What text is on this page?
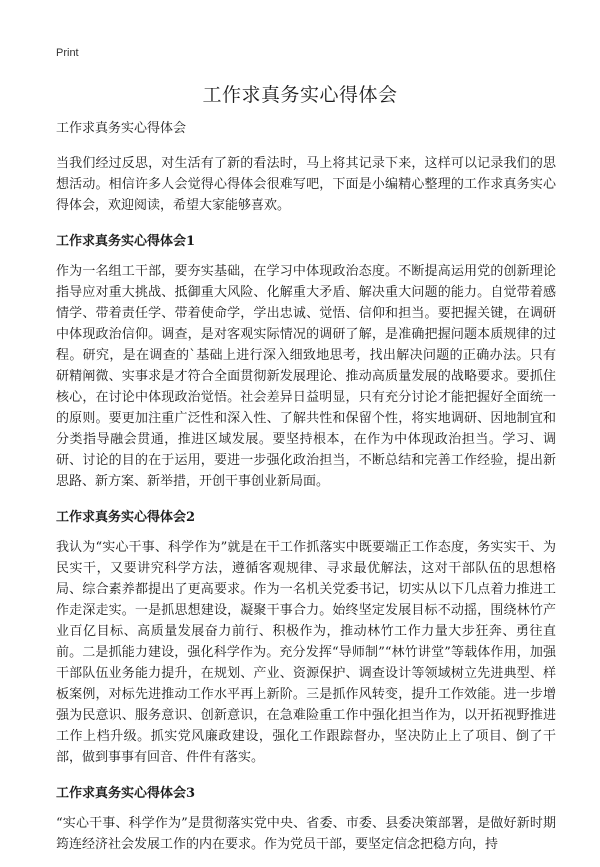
Print
工作求真务实心得体会
工作求真务实心得体会

当我们经过反思，对生活有了新的看法时，马上将其记录下来，这样可以记录我们的思想活动。相信许多人会觉得心得体会很难写吧，下面是小编精心整理的工作求真务实心得体会，欢迎阅读，希望大家能够喜欢。

工作求真务实心得体会1

作为一名组工干部，要夯实基础，在学习中体现政治态度。不断提高运用党的创新理论指导应对重大挑战、抵御重大风险、化解重大矛盾、解决重大问题的能力。自觉带着感情学、带着责任学、带着使命学，学出忠诚、觉悟、信仰和担当。要把握关键，在调研中体现政治信仰。调查，是对客观实际情况的调研了解，是准确把握问题本质规律的过程。研究，是在调查的`基础上进行深入细致地思考，找出解决问题的正确办法。只有研精阐微、实事求是才符合全面贯彻新发展理论、推动高质量发展的战略要求。要抓住核心，在讨论中体现政治觉悟。社会差异日益明显，只有充分讨论才能把握好全面统一的原则。要更加注重广泛性和深入性、了解共性和保留个性，将实地调研、因地制宜和分类指导融会贯通，推进区域发展。要坚持根本，在作为中体现政治担当。学习、调研、讨论的目的在于运用，要进一步强化政治担当，不断总结和完善工作经验，提出新思路、新方案、新举措，开创干事创业新局面。

工作求真务实心得体会2

我认为“实心干事、科学作为”就是在干工作抓落实中既要端正工作态度，务实实干、为民实干，又要讲究科学方法，遵循客观规律、寻求最优解法，这对干部队伍的思想格局、综合素养都提出了更高要求。作为一名机关党委书记，切实从以下几点着力推进工作走深走实。一是抓思想建设，凝聚干事合力。始终坚定发展目标不动摇，围绕林竹产业百亿目标、高质量发展奋力前行、积极作为，推动林竹工作力量大步狂奔、勇往直前。二是抓能力建设，强化科学作为。充分发挥“导师制”“林竹讲堂”等载体作用，加强干部队伍业务能力提升，在规划、产业、资源保护、调查设计等领域树立先进典型、样板案例，对标先进推动工作水平再上新阶。三是抓作风转变，提升工作效能。进一步增强为民意识、服务意识、创新意识，在急难险重工作中强化担当作为，以开拓视野推进工作上档升级。抓实党风廉政建设，强化工作跟踪督办，坚决防止上了项目、倒了干部，做到事事有回音、件件有落实。

工作求真务实心得体会3

“实心干事、科学作为”是贯彻落实党中央、省委、市委、县委决策部署，是做好新时期筠连经济社会发展工作的内在要求。作为党员干部，要坚定信念把稳方向，持
